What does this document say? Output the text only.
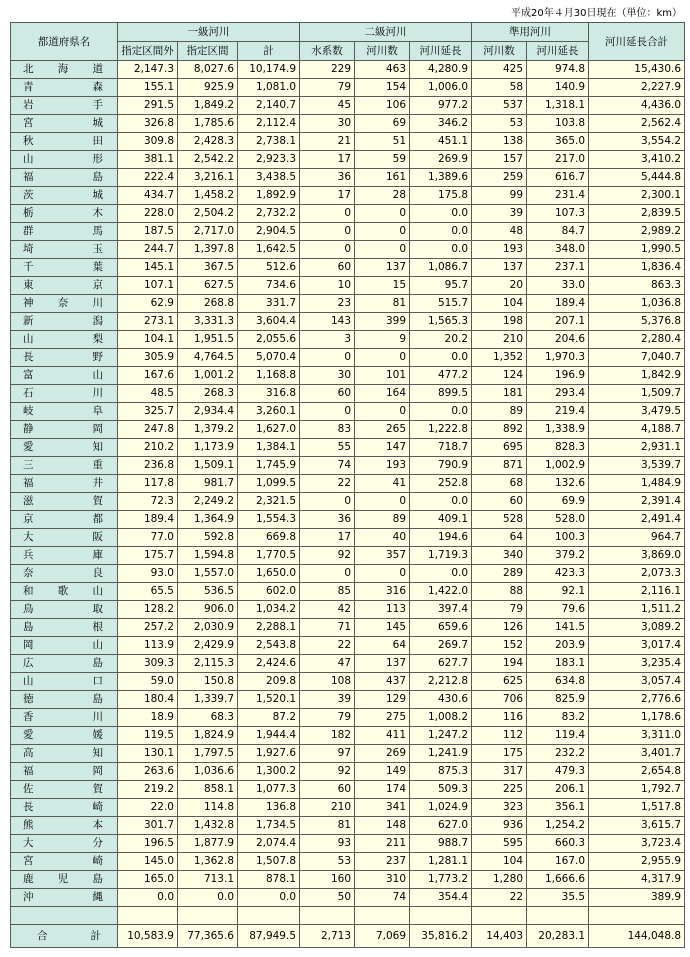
平成20年４月30日現在（単位：km）
都道府県名	一級河川			二級河川			準用河川		河川延長合計
	指定区間外	指定区間	計	水系数	河川数	河川延長	河川数	河川延長	
北海道	2,147.3	8,027.6	10,174.9	229	463	4,280.9	425	974.8	15,430.6
青森	155.1	925.9	1,081.0	79	154	1,006.0	58	140.9	2,227.9
岩手	291.5	1,849.2	2,140.7	45	106	977.2	537	1,318.1	4,436.0
宮城	326.8	1,785.6	2,112.4	30	69	346.2	53	103.8	2,562.4
秋田	309.8	2,428.3	2,738.1	21	51	451.1	138	365.0	3,554.2
山形	381.1	2,542.2	2,923.3	17	59	269.9	157	217.0	3,410.2
福島	222.4	3,216.1	3,438.5	36	161	1,389.6	259	616.7	5,444.8
茨城	434.7	1,458.2	1,892.9	17	28	175.8	99	231.4	2,300.1
栃木	228.0	2,504.2	2,732.2	0	0	0.0	39	107.3	2,839.5
群馬	187.5	2,717.0	2,904.5	0	0	0.0	48	84.7	2,989.2
埼玉	244.7	1,397.8	1,642.5	0	0	0.0	193	348.0	1,990.5
千葉	145.1	367.5	512.6	60	137	1,086.7	137	237.1	1,836.4
東京	107.1	627.5	734.6	10	15	95.7	20	33.0	863.3
神奈川	62.9	268.8	331.7	23	81	515.7	104	189.4	1,036.8
新潟	273.1	3,331.3	3,604.4	143	399	1,565.3	198	207.1	5,376.8
山梨	104.1	1,951.5	2,055.6	3	9	20.2	210	204.6	2,280.4
長野	305.9	4,764.5	5,070.4	0	0	0.0	1,352	1,970.3	7,040.7
富山	167.6	1,001.2	1,168.8	30	101	477.2	124	196.9	1,842.9
石川	48.5	268.3	316.8	60	164	899.5	181	293.4	1,509.7
岐阜	325.7	2,934.4	3,260.1	0	0	0.0	89	219.4	3,479.5
静岡	247.8	1,379.2	1,627.0	83	265	1,222.8	892	1,338.9	4,188.7
愛知	210.2	1,173.9	1,384.1	55	147	718.7	695	828.3	2,931.1
三重	236.8	1,509.1	1,745.9	74	193	790.9	871	1,002.9	3,539.7
福井	117.8	981.7	1,099.5	22	41	252.8	68	132.6	1,484.9
滋賀	72.3	2,249.2	2,321.5	0	0	0.0	60	69.9	2,391.4
京都	189.4	1,364.9	1,554.3	36	89	409.1	528	528.0	2,491.4
大阪	77.0	592.8	669.8	17	40	194.6	64	100.3	964.7
兵庫	175.7	1,594.8	1,770.5	92	357	1,719.3	340	379.2	3,869.0
奈良	93.0	1,557.0	1,650.0	0	0	0.0	289	423.3	2,073.3
和歌山	65.5	536.5	602.0	85	316	1,422.0	88	92.1	2,116.1
鳥取	128.2	906.0	1,034.2	42	113	397.4	79	79.6	1,511.2
島根	257.2	2,030.9	2,288.1	71	145	659.6	126	141.5	3,089.2
岡山	113.9	2,429.9	2,543.8	22	64	269.7	152	203.9	3,017.4
広島	309.3	2,115.3	2,424.6	47	137	627.7	194	183.1	3,235.4
山口	59.0	150.8	209.8	108	437	2,212.8	625	634.8	3,057.4
徳島	180.4	1,339.7	1,520.1	39	129	430.6	706	825.9	2,776.6
香川	18.9	68.3	87.2	79	275	1,008.2	116	83.2	1,178.6
愛媛	119.5	1,824.9	1,944.4	182	411	1,247.2	112	119.4	3,311.0
高知	130.1	1,797.5	1,927.6	97	269	1,241.9	175	232.2	3,401.7
福岡	263.6	1,036.6	1,300.2	92	149	875.3	317	479.3	2,654.8
佐賀	219.2	858.1	1,077.3	60	174	509.3	225	206.1	1,792.7
長崎	22.0	114.8	136.8	210	341	1,024.9	323	356.1	1,517.8
熊本	301.7	1,432.8	1,734.5	81	148	627.0	936	1,254.2	3,615.7
大分	196.5	1,877.9	2,074.4	93	211	988.7	595	660.3	3,723.4
宮崎	145.0	1,362.8	1,507.8	53	237	1,281.1	104	167.0	2,955.9
鹿児島	165.0	713.1	878.1	160	310	1,773.2	1,280	1,666.6	4,317.9
沖縄	0.0	0.0	0.0	50	74	354.4	22	35.5	389.9

合計	10,583.9	77,365.6	87,949.5	2,713	7,069	35,816.2	14,403	20,283.1	144,048.8
